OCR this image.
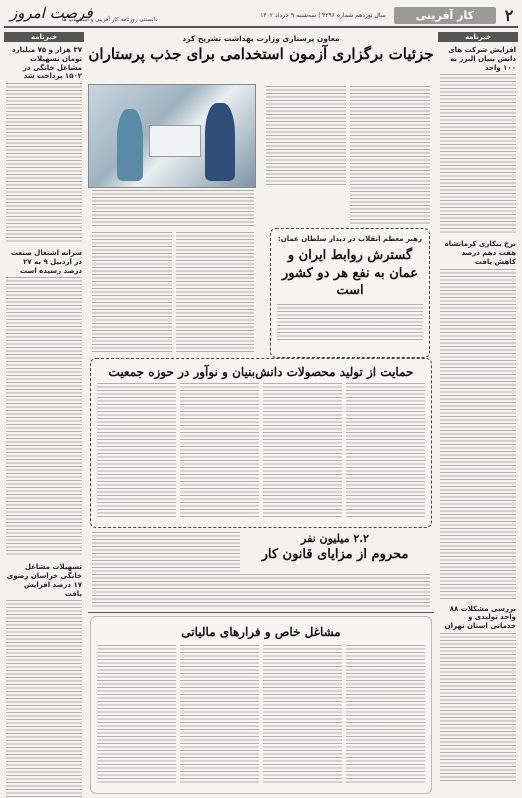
۲
کار آفرینی
سال نوزدهم شماره ۴۲۹۶ | سه‌شنبه ۹ خرداد ۱۴۰۲
فرصت امروز
دانستنی روزنامه کار آفرینی و استارتاپ ها
خبرنامه
افزایش شرکت های دانش بنیان البرز به ۱۰۰ واحد
نرخ بیکاری کرمانشاه هفت دهم درصد کاهش یافت
بررسی مشکلات ۸۸ واحد تولیدی و خدماتی استان تهران
خبرنامه
۳۷ هزار و ۷۵ میلیارد تومان تسهیلات مشاغل خانگی در ۱۵۰۲ پرداخت شد
سرانه اشتغال صنعت در اردبیل ۹ به ۲۷ درصد رسیده است
تسهیلات مشاغل خانگی خراسان رضوی ۱۷ درصد افزایش یافت
معاون پرستاری وزارت بهداشت تشریح کرد
جزئیات برگزاری آزمون استخدامی برای جذب پرستاران
رهبر معظم انقلاب در دیدار سلطان عمان:
گسترش روابط ایران و عمان به نفع هر دو کشور است
حمایت از تولید محصولات دانش‌بنیان و نوآور در حوزه جمعیت
۲.۲ میلیون نفر
محروم از مزایای قانون کار
مشاغل خاص و فرارهای مالیاتی
